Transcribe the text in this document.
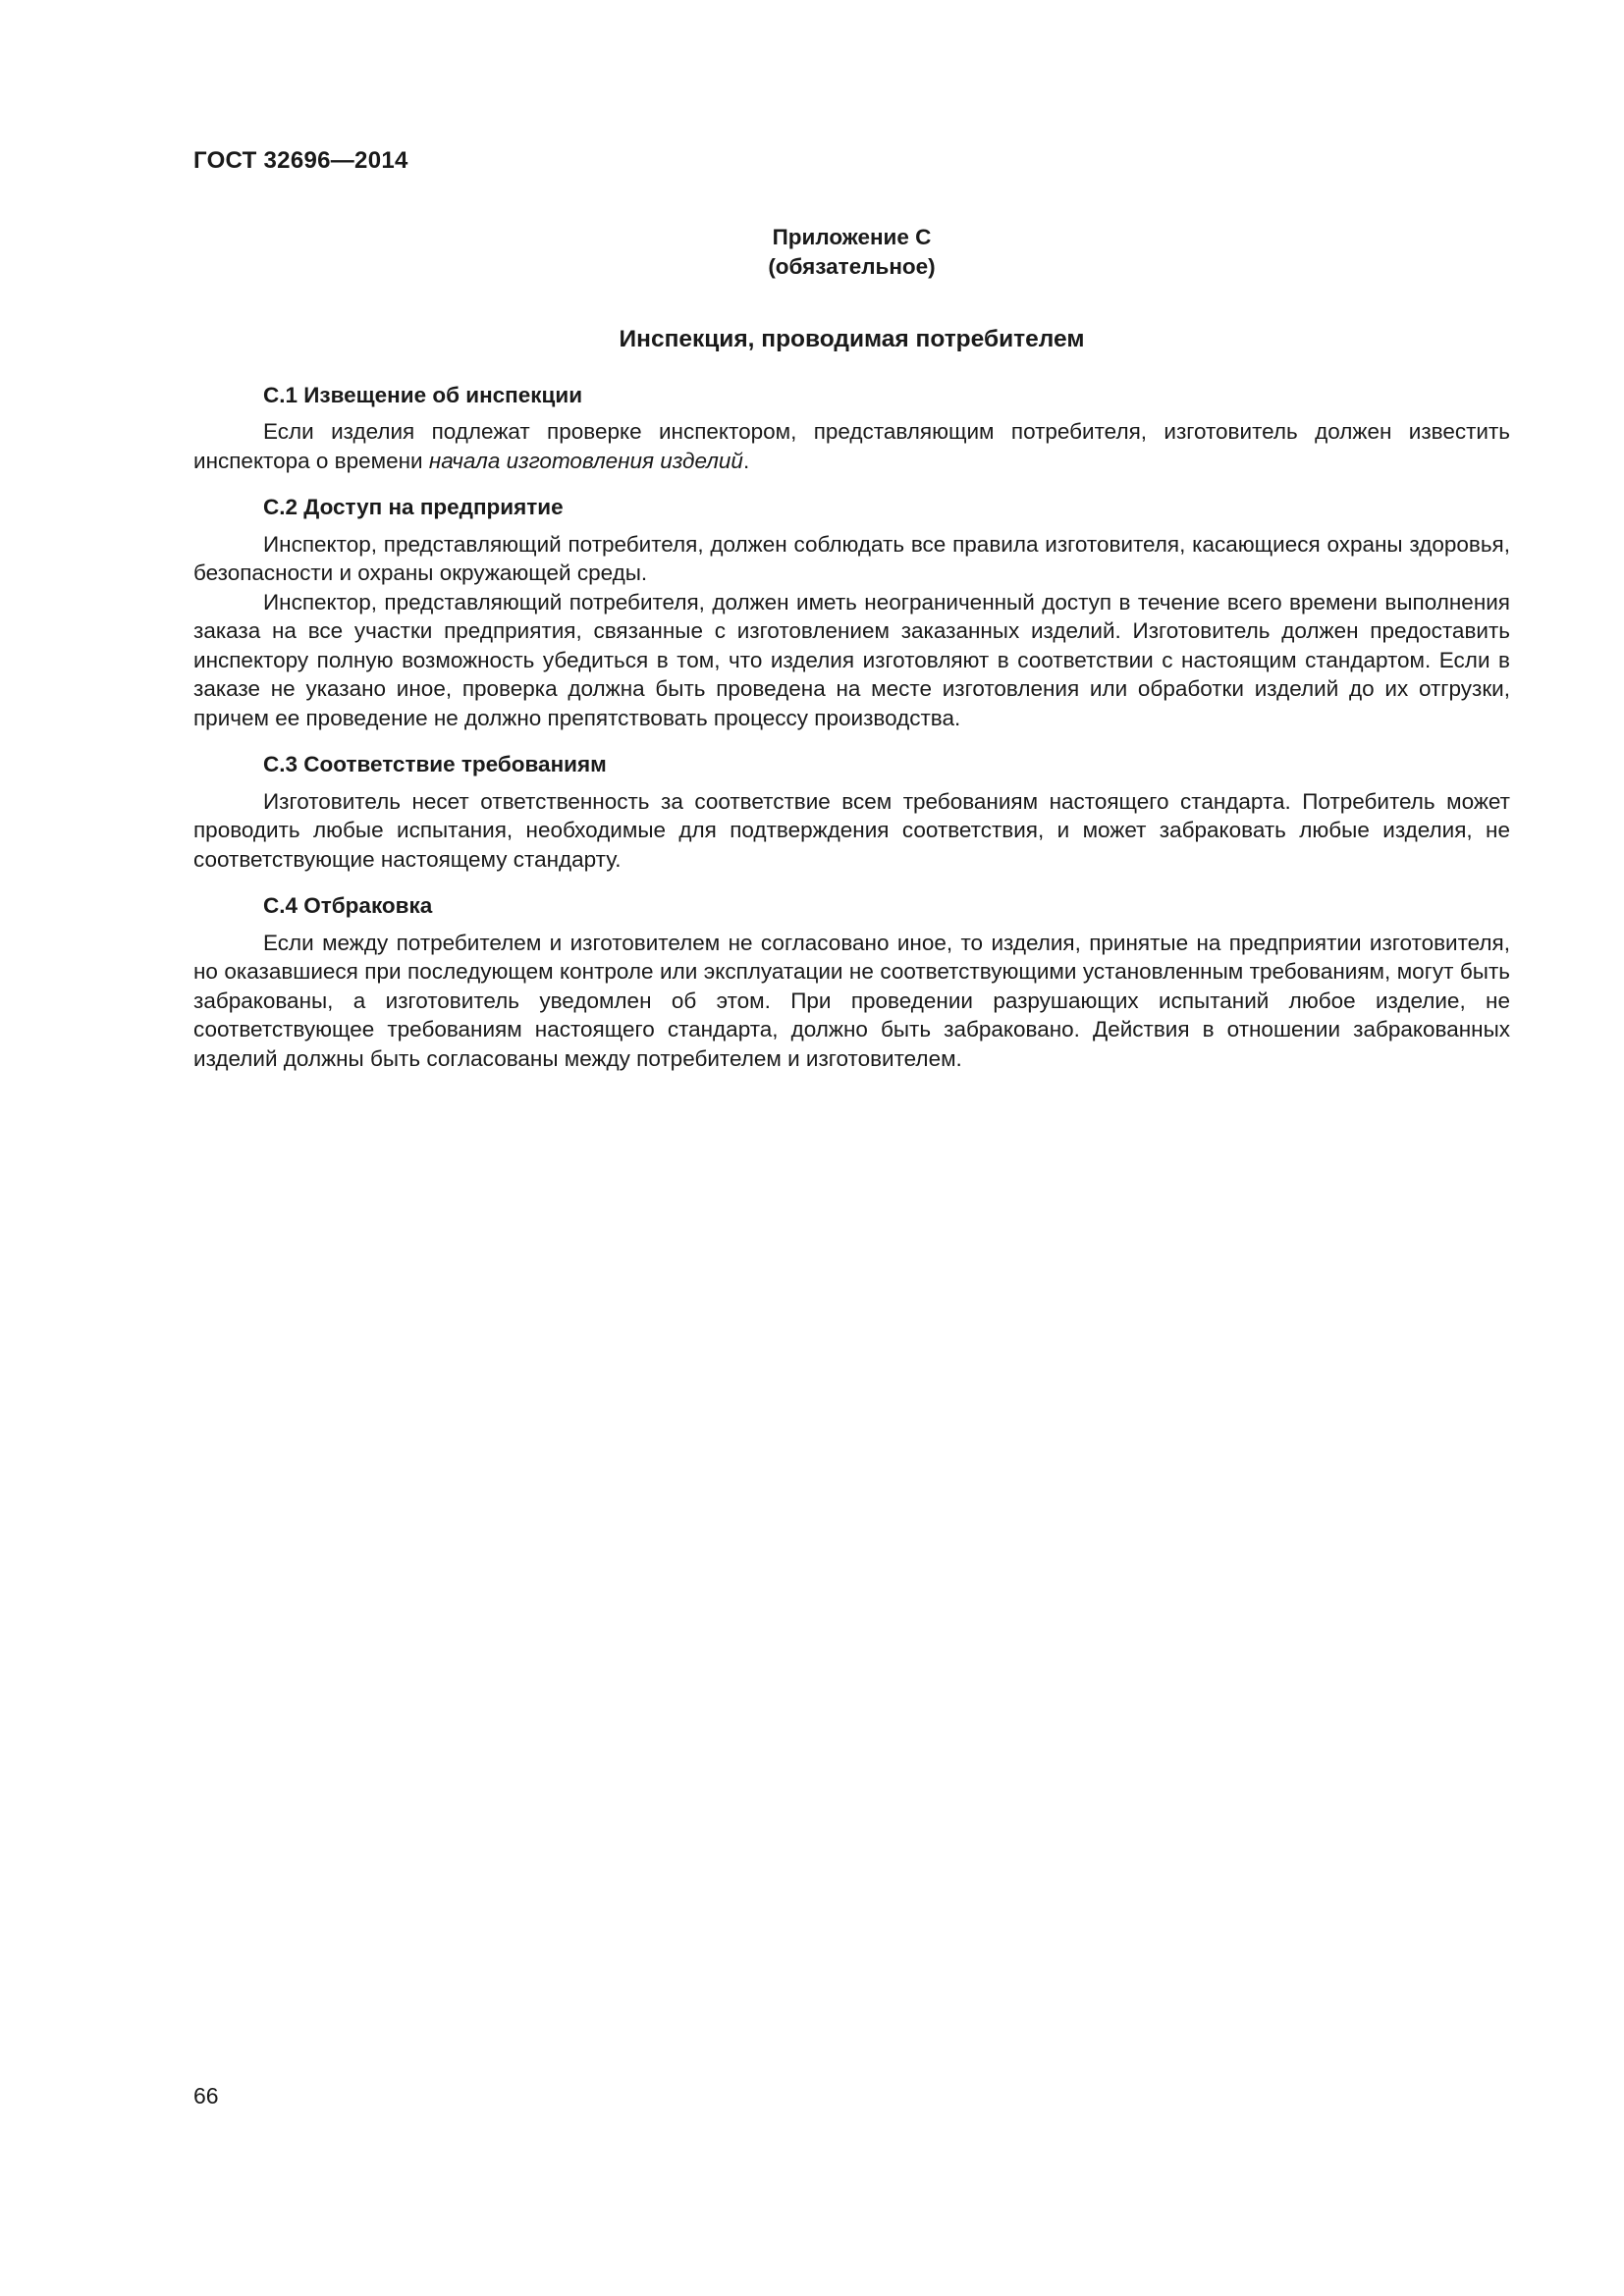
ГОСТ 32696—2014
Приложение С
(обязательное)
Инспекция, проводимая потребителем
С.1 Извещение об инспекции

Если изделия подлежат проверке инспектором, представляющим потребителя, изготовитель должен известить инспектора о времени начала изготовления изделий.

С.2 Доступ на предприятие

Инспектор, представляющий потребителя, должен соблюдать все правила изготовителя, касающиеся охраны здоровья, безопасности и охраны окружающей среды.

Инспектор, представляющий потребителя, должен иметь неограниченный доступ в течение всего времени выполнения заказа на все участки предприятия, связанные с изготовлением заказанных изделий. Изготовитель должен предоставить инспектору полную возможность убедиться в том, что изделия изготовляют в соответствии с настоящим стандартом. Если в заказе не указано иное, проверка должна быть проведена на месте изготовления или обработки изделий до их отгрузки, причем ее проведение не должно препятствовать процессу производства.

С.3 Соответствие требованиям

Изготовитель несет ответственность за соответствие всем требованиям настоящего стандарта. Потребитель может проводить любые испытания, необходимые для подтверждения соответствия, и может забраковать любые изделия, не соответствующие настоящему стандарту.

С.4 Отбраковка

Если между потребителем и изготовителем не согласовано иное, то изделия, принятые на предприятии изготовителя, но оказавшиеся при последующем контроле или эксплуатации не соответствующими установленным требованиям, могут быть забракованы, а изготовитель уведомлен об этом. При проведении разрушающих испытаний любое изделие, не соответствующее требованиям настоящего стандарта, должно быть забраковано. Действия в отношении забракованных изделий должны быть согласованы между потребителем и изготовителем.

66
